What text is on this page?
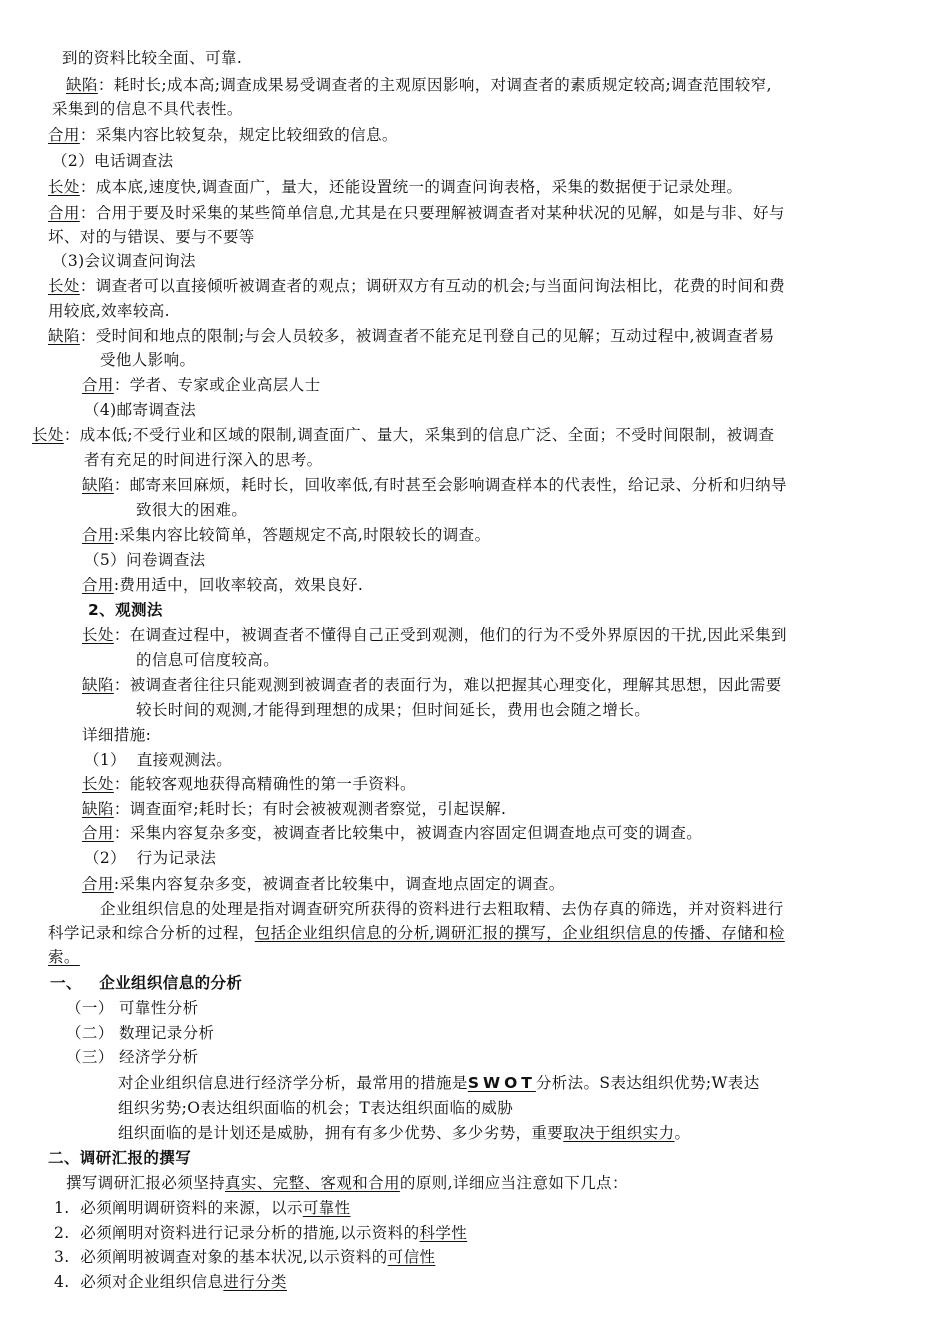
到的资料比较全面、可靠.
缺陷：耗时长;成本高;调查成果易受调查者的主观原因影响，对调查者的素质规定较高;调查范围较窄,
采集到的信息不具代表性。
合用：采集内容比较复杂，规定比较细致的信息。
（2）电话调查法
长处：成本底,速度快,调查面广，量大，还能设置统一的调查问询表格，采集的数据便于记录处理。
合用：合用于要及时采集的某些简单信息,尤其是在只要理解被调查者对某种状况的见解，如是与非、好与
坏、对的与错误、要与不要等
（3)会议调查问询法
长处：调查者可以直接倾听被调查者的观点；调研双方有互动的机会;与当面问询法相比，花费的时间和费
用较底,效率较高.
缺陷：受时间和地点的限制;与会人员较多，被调查者不能充足刊登自己的见解；互动过程中,被调查者易
受他人影响。
合用：学者、专家或企业高层人士
（4)邮寄调查法
长处：成本低;不受行业和区域的限制,调查面广、量大，采集到的信息广泛、全面；不受时间限制，被调查
者有充足的时间进行深入的思考。
缺陷：邮寄来回麻烦，耗时长，回收率低,有时甚至会影响调查样本的代表性，给记录、分析和归纳导
致很大的困难。
合用:采集内容比较简单，答题规定不高,时限较长的调查。
（5）问卷调查法
合用:费用适中，回收率较高，效果良好.
2、观测法
长处：在调查过程中，被调查者不懂得自己正受到观测，他们的行为不受外界原因的干扰,因此采集到
的信息可信度较高。
缺陷：被调查者往往只能观测到被调查者的表面行为，难以把握其心理变化，理解其思想，因此需要
较长时间的观测,才能得到理想的成果；但时间延长，费用也会随之增长。
详细措施:
（1）  直接观测法。
长处：能较客观地获得高精确性的第一手资料。
缺陷：调查面窄;耗时长；有时会被被观测者察觉，引起误解.
合用：采集内容复杂多变，被调查者比较集中，被调查内容固定但调查地点可变的调查。
（2）  行为记录法
合用:采集内容复杂多变，被调查者比较集中，调查地点固定的调查。
企业组织信息的处理是指对调查研究所获得的资料进行去粗取精、去伪存真的筛选，并对资料进行
科学记录和综合分析的过程，包括企业组织信息的分析,调研汇报的撰写，企业组织信息的传播、存储和检
索。
一、   企业组织信息的分析
（一） 可靠性分析
（二） 数理记录分析
（三） 经济学分析
对企业组织信息进行经济学分析，最常用的措施是SWOT分析法。S表达组织优势;W表达
组织劣势;O表达组织面临的机会；T表达组织面临的威胁
组织面临的是计划还是威胁，拥有有多少优势、多少劣势，重要取决于组织实力。
二、调研汇报的撰写
撰写调研汇报必须坚持真实、完整、客观和合用的原则,详细应当注意如下几点：
1.  必须阐明调研资料的来源，以示可靠性
2.  必须阐明对资料进行记录分析的措施,以示资料的科学性
3.  必须阐明被调查对象的基本状况,以示资料的可信性
4.  必须对企业组织信息进行分类
